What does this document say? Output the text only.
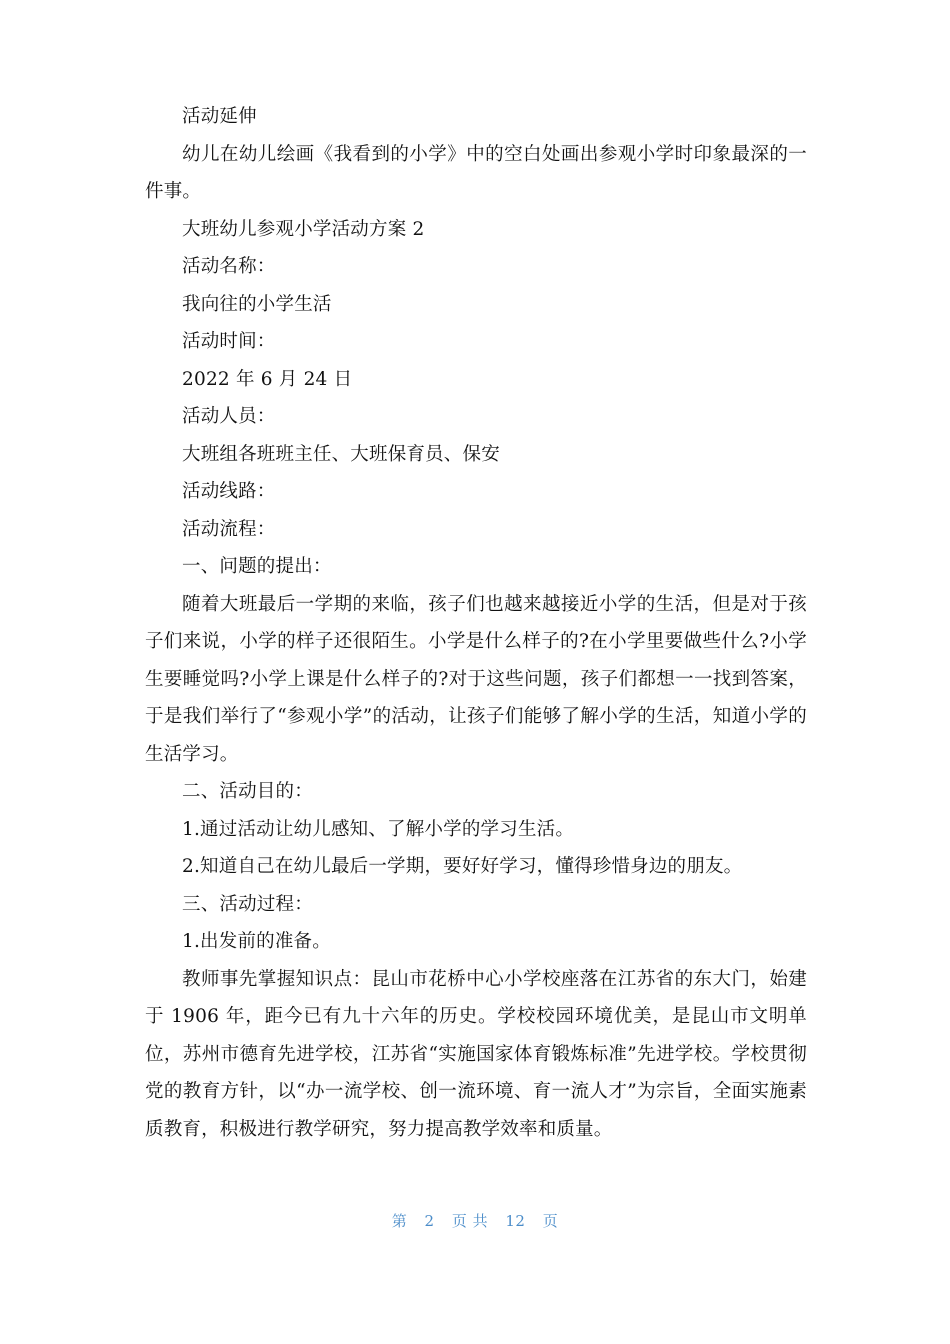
活动延伸

幼儿在幼儿绘画《我看到的小学》中的空白处画出参观小学时印象最深的一件事。

大班幼儿参观小学活动方案 2

活动名称：

我向往的小学生活

活动时间：

2022 年 6 月 24 日

活动人员：

大班组各班班主任、大班保育员、保安

活动线路：

活动流程：

一、问题的提出：

随着大班最后一学期的来临，孩子们也越来越接近小学的生活，但是对于孩子们来说，小学的样子还很陌生。小学是什么样子的?在小学里要做些什么?小学生要睡觉吗?小学上课是什么样子的?对于这些问题，孩子们都想一一找到答案，于是我们举行了“参观小学”的活动，让孩子们能够了解小学的生活，知道小学的生活学习。

二、活动目的：

1.通过活动让幼儿感知、了解小学的学习生活。

2.知道自己在幼儿最后一学期，要好好学习，懂得珍惜身边的朋友。

三、活动过程：

1.出发前的准备。

教师事先掌握知识点：昆山市花桥中心小学校座落在江苏省的东大门，始建于 1906 年，距今已有九十六年的历史。学校校园环境优美，是昆山市文明单位，苏州市德育先进学校，江苏省“实施国家体育锻炼标准”先进学校。学校贯彻党的教育方针，以“办一流学校、创一流环境、育一流人才”为宗旨，全面实施素质教育，积极进行教学研究，努力提高教学效率和质量。

第 2 页 共 12 页
